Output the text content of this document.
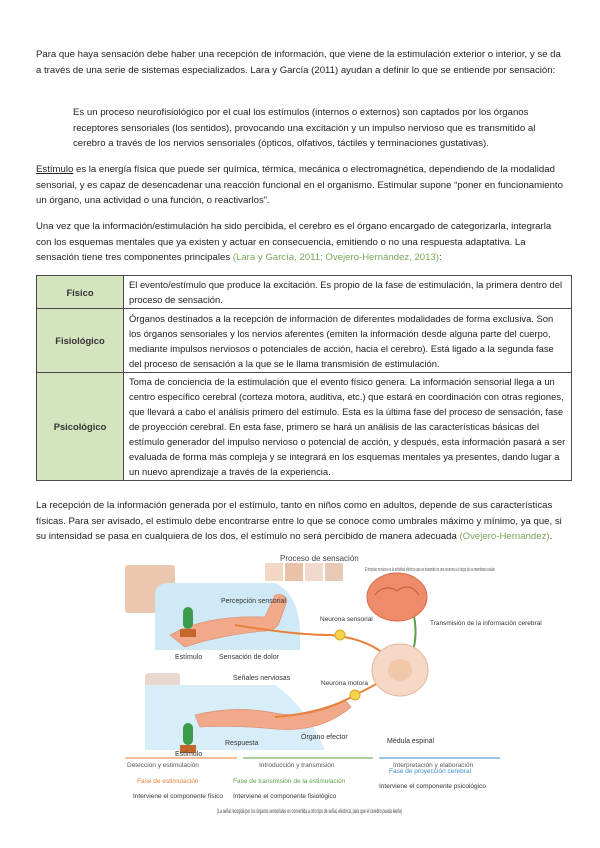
Para que haya sensación debe haber una recepción de información, que viene de la estimulación exterior o interior, y se da a través de una serie de sistemas especializados. Lara y García (2011) ayudan a definir lo que se entiende por sensación:

Es un proceso neurofisiológico por el cual los estímulos (internos o externos) son captados por los órganos receptores sensoriales (los sentidos), provocando una excitación y un impulso nervioso que es transmitido al cerebro a través de los nervios sensoriales (ópticos, olfativos, táctiles y terminaciones gustativas).

Estímulo es la energía física que puede ser química, térmica, mecánica o electromagnética, dependiendo de la modalidad sensorial, y es capaz de desencadenar una reacción funcional en el organismo. Estimular supone “poner en funcionamiento un órgano, una actividad o una función, o reactivarlos”.

Una vez que la información/estimulación ha sido percibida, el cerebro es el órgano encargado de categorizarla, integrarla con los esquemas mentales que ya existen y actuar en consecuencia, emitiendo o no una respuesta adaptativa. La sensación tiene tres componentes principales (Lara y García, 2011; Ovejero-Hernández, 2013):

Físico	El evento/estímulo que produce la excitación. Es propio de la fase de estimulación, la primera dentro del proceso de sensación.
Fisiológico	Órganos destinados a la recepción de información de diferentes modalidades de forma exclusiva. Son los órganos sensoriales y los nervios aferentes (emiten la información desde alguna parte del cuerpo, mediante impulsos nerviosos o potenciales de acción, hacia el cerebro). Está ligado a la segunda fase del proceso de sensación a la que se le llama transmisión de estimulación.
Psicológico	Toma de conciencia de la estimulación que el evento físico genera. La información sensorial llega a un centro específico cerebral (corteza motora, auditiva, etc.) que estará en coordinación con otras regiones, que llevará a cabo el análisis primero del estímulo. Esta es la última fase del proceso de sensación, fase de proyección cerebral. En esta fase, primero se hará un análisis de las características básicas del estímulo generador del impulso nervioso o potencial de acción, y después, esta información pasará a ser evaluada de forma más compleja y se integrará en los esquemas mentales ya presentes, dando lugar a un nuevo aprendizaje a través de la experiencia.

La recepción de la información generada por el estímulo, tanto en niños como en adultos, depende de sus características físicas. Para ser avisado, el estímulo debe encontrarse entre lo que se conoce como umbrales máximo y mínimo, ya que, si su intensidad se pasa en cualquiera de los dos, el estímulo no será percibido de manera adecuada (Ovejero-Hernández).

Proceso de sensación
Percepción sensorial
Estímulo Sensación de dolor
Señales nerviosas
Neurona sensorial
Neurona motora
Transmisión de la información cerebral
Estímulo
Respuesta
Órgano efector
Médula espinal
El impulso nervioso es la actividad eléctrica que se transmite en una neurona a lo largo de su membrana celular
Detección y estimulación	Introducción y transmisión	Interpretación y elaboración
Fase de estimulación	Fase de transmisión de la estimulación
Fase de proyección cerebral
Interviene el componente físico Interviene el componente fisiológico
Interviene el componente psicológico
(La señal recogida por los órganos sensoriales es convertida a otro tipo de señal, eléctrica, para que el cerebro pueda leerla)
